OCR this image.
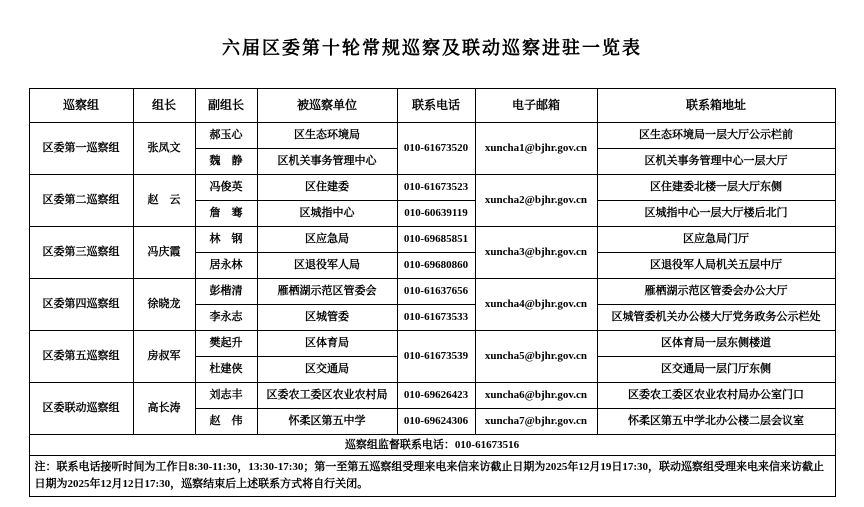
六届区委第十轮常规巡察及联动巡察进驻一览表
巡察组	组长	副组长	被巡察单位	联系电话	电子邮箱	联系箱地址
区委第一巡察组	张凤文	郝玉心	区生态环境局	010-61673520	xuncha1@bjhr.gov.cn	区生态环境局一层大厅公示栏前
		魏　静	区机关事务管理中心			区机关事务管理中心一层大厅
区委第二巡察组	赵　云	冯俊英	区住建委	010-61673523	xuncha2@bjhr.gov.cn	区住建委北楼一层大厅东侧
		詹　骞	区城指中心	010-60639119		区城指中心一层大厅楼后北门
区委第三巡察组	冯庆霞	林　钢	区应急局	010-69685851	xuncha3@bjhr.gov.cn	区应急局门厅
		居永林	区退役军人局	010-69680860		区退役军人局机关五层中厅
区委第四巡察组	徐晓龙	彭楷清	雁栖湖示范区管委会	010-61637656	xuncha4@bjhr.gov.cn	雁栖湖示范区管委会办公大厅
		李永志	区城管委	010-61673533		区城管委机关办公楼大厅党务政务公示栏处
区委第五巡察组	房叔军	樊起升	区体育局	010-61673539	xuncha5@bjhr.gov.cn	区体育局一层东侧楼道
		杜建侠	区交通局			区交通局一层门厅东侧
区委联动巡察组	高长涛	刘志丰	区委农工委区农业农村局	010-69626423	xuncha6@bjhr.gov.cn	区委农工委区农业农村局办公室门口
		赵　伟	怀柔区第五中学	010-69624306	xuncha7@bjhr.gov.cn	怀柔区第五中学北办公楼二层会议室
巡察组监督联系电话：010-61673516						
注：联系电话接听时间为工作日8:30-11:30，13:30-17:30；第一至第五巡察组受理来电来信来访截止日期为2025年12月19日17:30，联动巡察组受理来电来信来访截止日期为2025年12月12日17:30，巡察结束后上述联系方式将自行关闭。						
